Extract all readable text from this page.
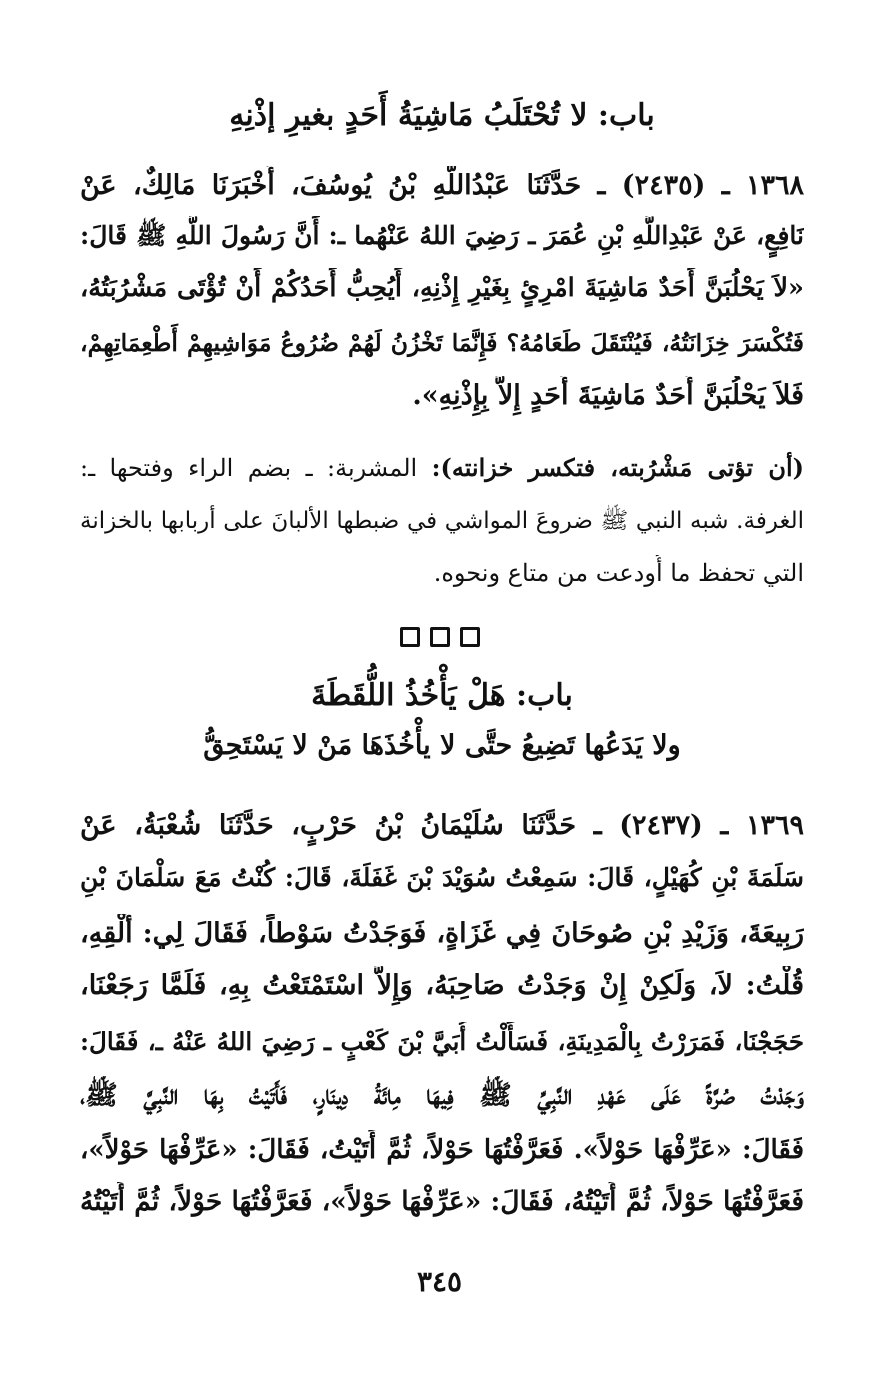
باب: لا تُحْتَلَبُ مَاشِيَةُ أَحَدٍ بغيرِ إذْنِهِ
١٣٦٨ ـ (٢٤٣٥) ـ حَدَّثَنَا عَبْدُاللَّهِ بْنُ يُوسُفَ، أَخْبَرَنَا مَالِكٌ، عَنْ
نَافِعٍ، عَنْ عَبْدِاللَّهِ بْنِ عُمَرَ ـ رَضِيَ اللهُ عَنْهُما ـ: أَنَّ رَسُولَ اللَّهِ ﷺ قَالَ:
«لاَ يَحْلُبَنَّ أَحَدٌ مَاشِيَةَ امْرِئٍ بِغَيْرِ إِذْنِهِ، أَيُحِبُّ أَحَدُكُمْ أَنْ تُؤْتَى مَشْرُبَتُهُ،
فَتُكْسَرَ خِزَانَتُهُ، فَيُنْتَقَلَ طَعَامُهُ؟ فَإِنَّمَا تَخْزُنُ لَهُمْ ضُرُوعُ مَوَاشِيهِمْ أَطْعِمَاتِهِمْ،
فَلاَ يَحْلُبَنَّ أَحَدٌ مَاشِيَةَ أَحَدٍ إِلاَّ بِإِذْنِهِ».
(أن تؤتى مَشْرُبته، فتكسر خزانته): المشربة: ـ بضم الراء وفتحها ـ:
الغرفة. شبه النبي ﷺ ضروعَ المواشي في ضبطها الألبانَ على أربابها بالخزانة
التي تحفظ ما أُودعت من متاع ونحوه.
باب: هَلْ يَأْخُذُ اللُّقَطَةَ
ولا يَدَعُها تَضِيعُ حتَّى لا يأْخُذَهَا مَنْ لا يَسْتَحِقُّ
١٣٦٩ ـ (٢٤٣٧) ـ حَدَّثَنَا سُلَيْمَانُ بْنُ حَرْبٍ، حَدَّثَنَا شُعْبَةُ، عَنْ
سَلَمَةَ بْنِ كُهَيْلٍ، قَالَ: سَمِعْتُ سُوَيْدَ بْنَ غَفَلَةَ، قَالَ: كُنْتُ مَعَ سَلْمَانَ بْنِ
رَبِيعَةَ، وَزَيْدِ بْنِ صُوحَانَ فِي غَزَاةٍ، فَوَجَدْتُ سَوْطاً، فَقَالَ لِي: أَلْقِهِ،
قُلْتُ: لاَ، وَلَكِنْ إِنْ وَجَدْتُ صَاحِبَهُ، وَإِلاَّ اسْتَمْتَعْتُ بِهِ، فَلَمَّا رَجَعْنَا،
حَجَجْنَا، فَمَرَرْتُ بِالْمَدِينَةِ، فَسَأَلْتُ أُبَيَّ بْنَ كَعْبٍ ـ رَضِيَ اللهُ عَنْهُ ـ، فَقَالَ:
وَجَدْتُ صُرَّةً عَلَى عَهْدِ النَّبِيِّ ﷺ فِيهَا مِائَةُ دِينَارٍ، فَأَتَيْتُ بِهَا النَّبِيَّ ﷺ،
فَقَالَ: «عَرِّفْهَا حَوْلاً». فَعَرَّفْتُهَا حَوْلاً، ثُمَّ أَتَيْتُ، فَقَالَ: «عَرِّفْهَا حَوْلاً»،
فَعَرَّفْتُهَا حَوْلاً، ثُمَّ أَتَيْتُهُ، فَقَالَ: «عَرِّفْهَا حَوْلاً»، فَعَرَّفْتُهَا حَوْلاً، ثُمَّ أَتَيْتُهُ
٣٤٥
